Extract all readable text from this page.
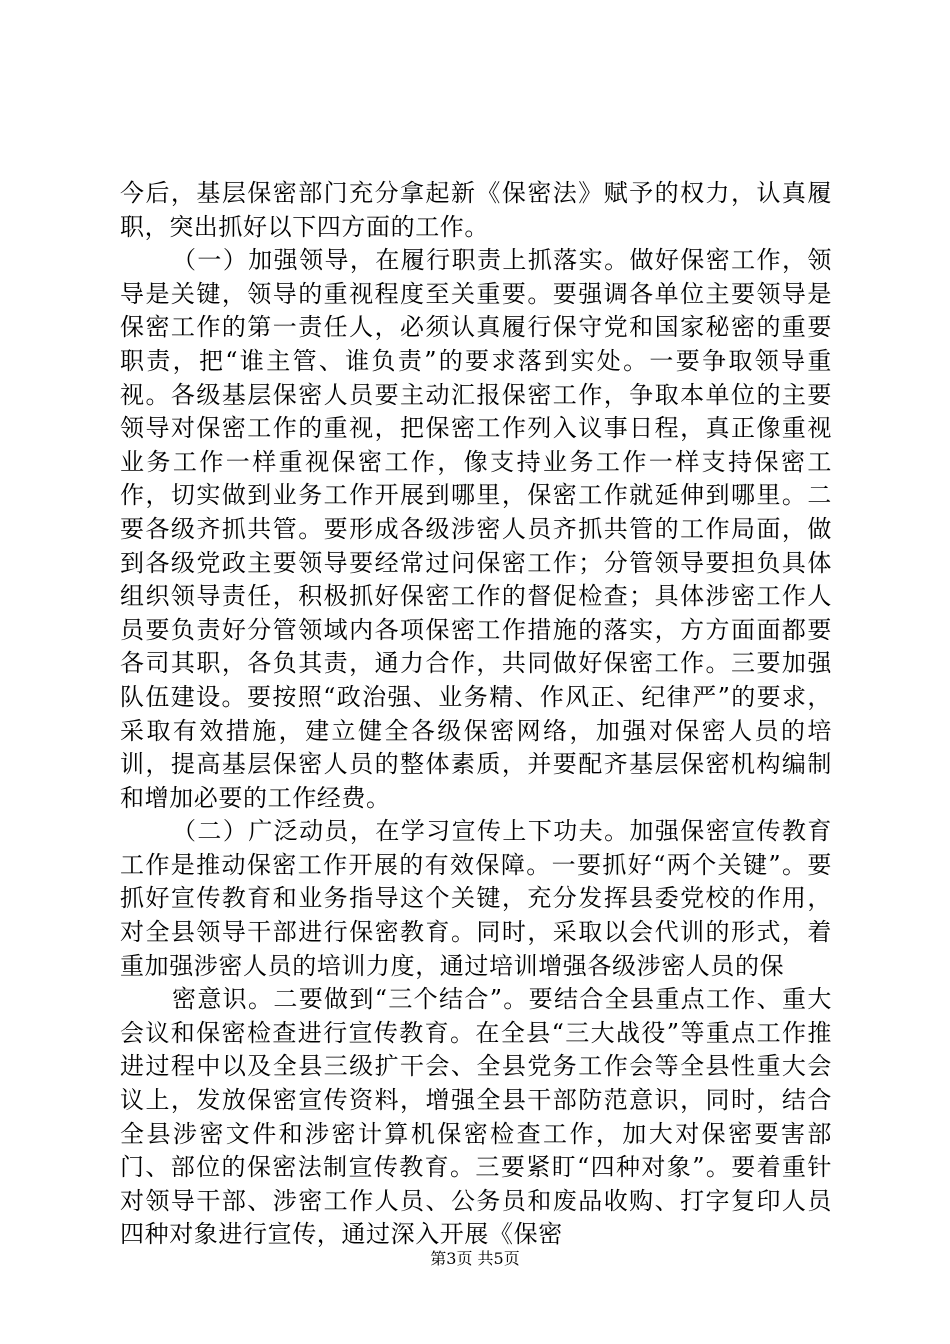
今后，基层保密部门充分拿起新《保密法》赋予的权力，认真履职，突出抓好以下四方面的工作。

（一）加强领导，在履行职责上抓落实。做好保密工作，领导是关键，领导的重视程度至关重要。要强调各单位主要领导是保密工作的第一责任人，必须认真履行保守党和国家秘密的重要职责，把“谁主管、谁负责”的要求落到实处。一要争取领导重视。各级基层保密人员要主动汇报保密工作，争取本单位的主要领导对保密工作的重视，把保密工作列入议事日程，真正像重视业务工作一样重视保密工作，像支持业务工作一样支持保密工作，切实做到业务工作开展到哪里，保密工作就延伸到哪里。二要各级齐抓共管。要形成各级涉密人员齐抓共管的工作局面，做到各级党政主要领导要经常过问保密工作；分管领导要担负具体组织领导责任，积极抓好保密工作的督促检查；具体涉密工作人员要负责好分管领域内各项保密工作措施的落实，方方面面都要各司其职，各负其责，通力合作，共同做好保密工作。三要加强队伍建设。要按照“政治强、业务精、作风正、纪律严”的要求，采取有效措施，建立健全各级保密网络，加强对保密人员的培训，提高基层保密人员的整体素质，并要配齐基层保密机构编制和增加必要的工作经费。

（二）广泛动员，在学习宣传上下功夫。加强保密宣传教育工作是推动保密工作开展的有效保障。一要抓好“两个关键”。要抓好宣传教育和业务指导这个关键，充分发挥县委党校的作用，对全县领导干部进行保密教育。同时，采取以会代训的形式，着重加强涉密人员的培训力度，通过培训增强各级涉密人员的保

密意识。二要做到“三个结合”。要结合全县重点工作、重大会议和保密检查进行宣传教育。在全县“三大战役”等重点工作推进过程中以及全县三级扩干会、全县党务工作会等全县性重大会议上，发放保密宣传资料，增强全县干部防范意识，同时，结合全县涉密文件和涉密计算机保密检查工作，加大对保密要害部门、部位的保密法制宣传教育。三要紧盯“四种对象”。要着重针对领导干部、涉密工作人员、公务员和废品收购、打字复印人员四种对象进行宣传，通过深入开展《保密

第3页 共5页
